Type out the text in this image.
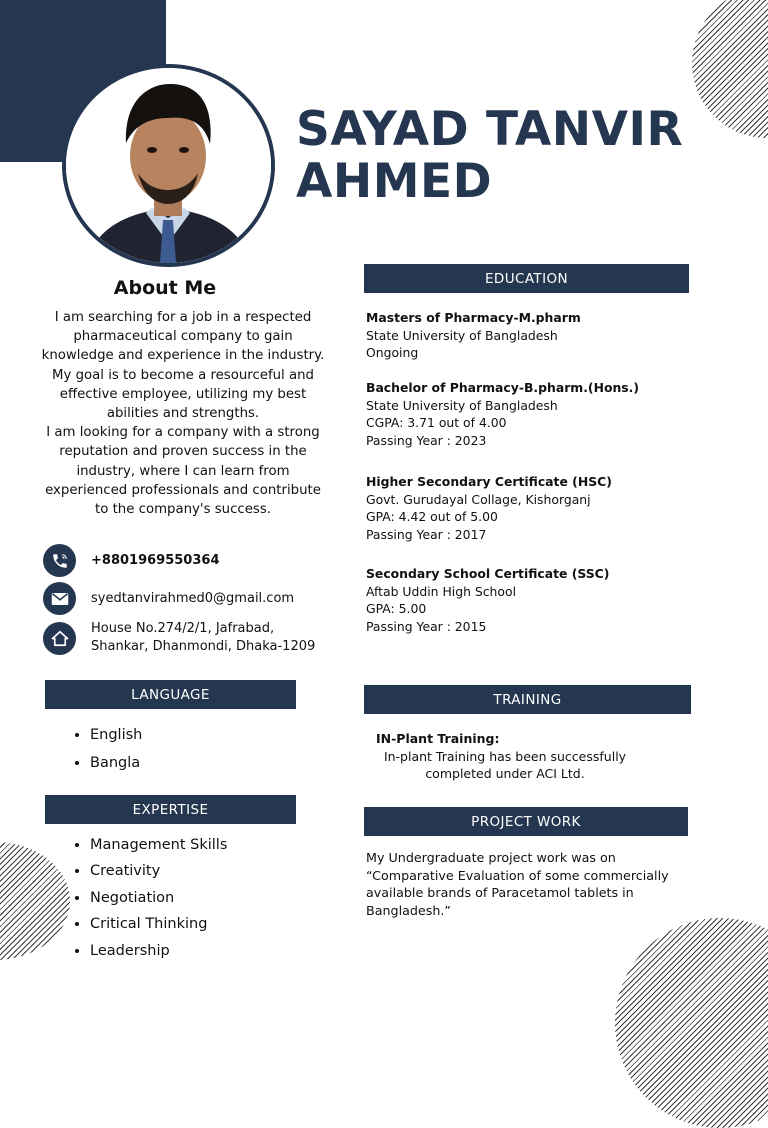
SAYAD TANVIR
AHMED
About Me

I am searching for a job in a respected pharmaceutical company to gain knowledge and experience in the industry. My goal is to become a resourceful and effective employee, utilizing my best abilities and strengths.

I am looking for a company with a strong reputation and proven success in the industry, where I can learn from experienced professionals and contribute to the company's success.

+8801969550364
syedtanvirahmed0@gmail.com
House No.274/2/1, Jafrabad,
Shankar, Dhanmondi, Dhaka-1209
LANGUAGE
• English
• Bangla
EXPERTISE
• Management Skills
• Creativity
• Negotiation
• Critical Thinking
• Leadership
EDUCATION
Masters of Pharmacy-M.pharm
State University of Bangladesh
Ongoing
Bachelor of Pharmacy-B.pharm.(Hons.)
State University of Bangladesh
CGPA: 3.71 out of 4.00
Passing Year : 2023
Higher Secondary Certificate (HSC)
Govt. Gurudayal Collage, Kishorganj
GPA: 4.42 out of 5.00
Passing Year : 2017
Secondary School Certificate (SSC)
Aftab Uddin High School
GPA: 5.00
Passing Year : 2015
TRAINING
IN-Plant Training:
In-plant Training has been successfully
completed under ACI Ltd.
PROJECT WORK

My Undergraduate project work was on “Comparative Evaluation of some commercially available brands of Paracetamol tablets in Bangladesh.”
